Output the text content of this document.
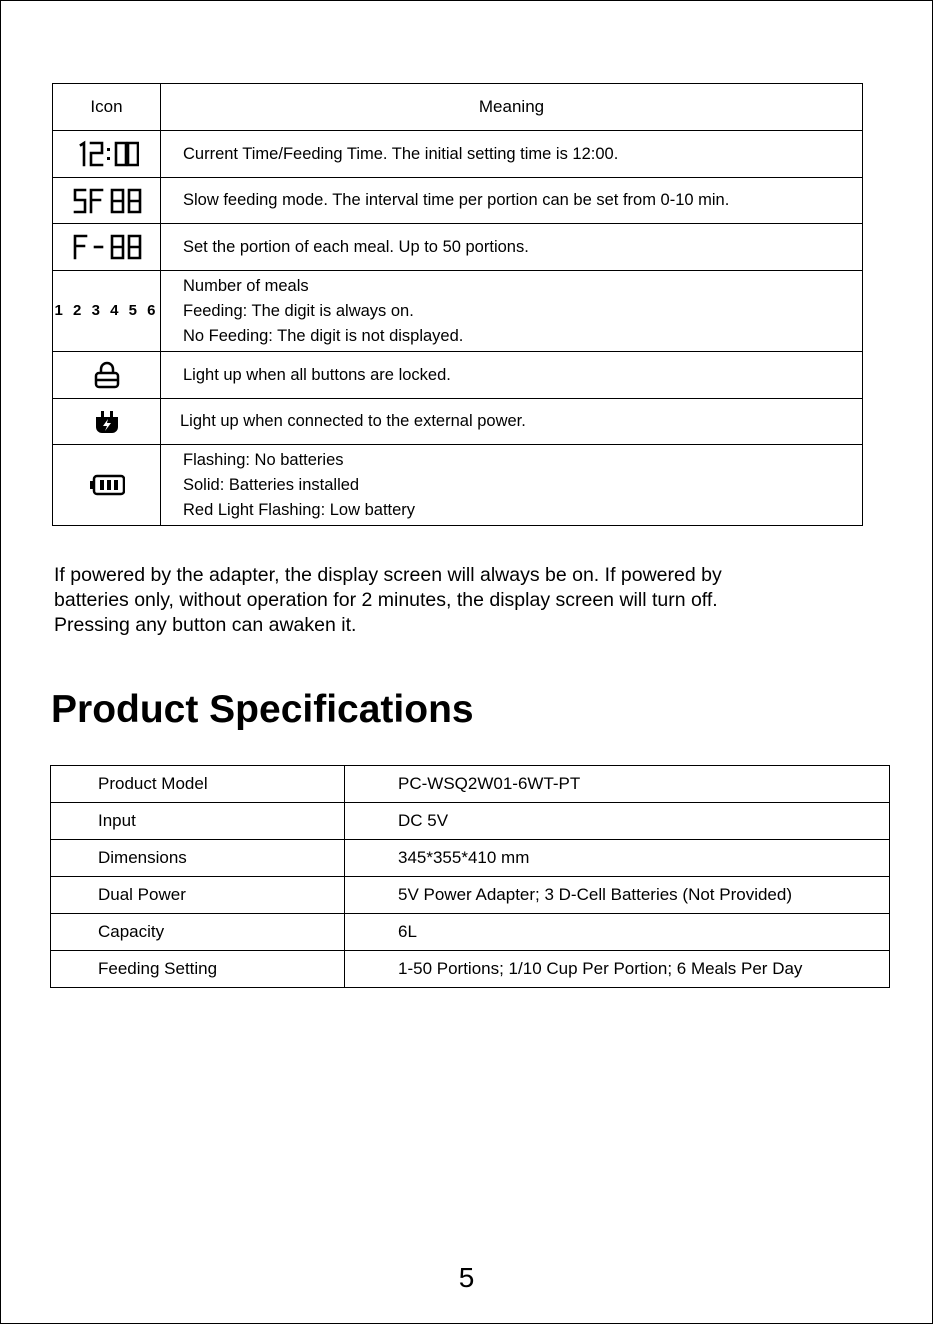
Icon	Meaning
	Current Time/Feeding Time. The initial setting time is 12:00.
	Slow feeding mode. The interval time per portion can be set from 0-10 min.
	Set the portion of each meal. Up to 50 portions.
1 2 3 4 5 6	Number of meals
Feeding: The digit is always on.
No Feeding: The digit is not displayed.

	Light up when all buttons are locked.
	Light up when connected to the external power.

Flashing: No batteries
Solid: Batteries installed
Red Light Flashing: Low battery

If powered by the adapter, the display screen will always be on. If powered by

batteries only, without operation for 2 minutes, the display screen will turn off.

Pressing any button can awaken it.

Product Specifications
Product Model	PC-WSQ2W01-6WT-PT
Input	DC 5V
Dimensions	345*355*410 mm
Dual Power	5V Power Adapter; 3 D-Cell Batteries (Not Provided)
Capacity	6L
Feeding Setting	1-50 Portions; 1/10 Cup Per Portion; 6 Meals Per Day
5
